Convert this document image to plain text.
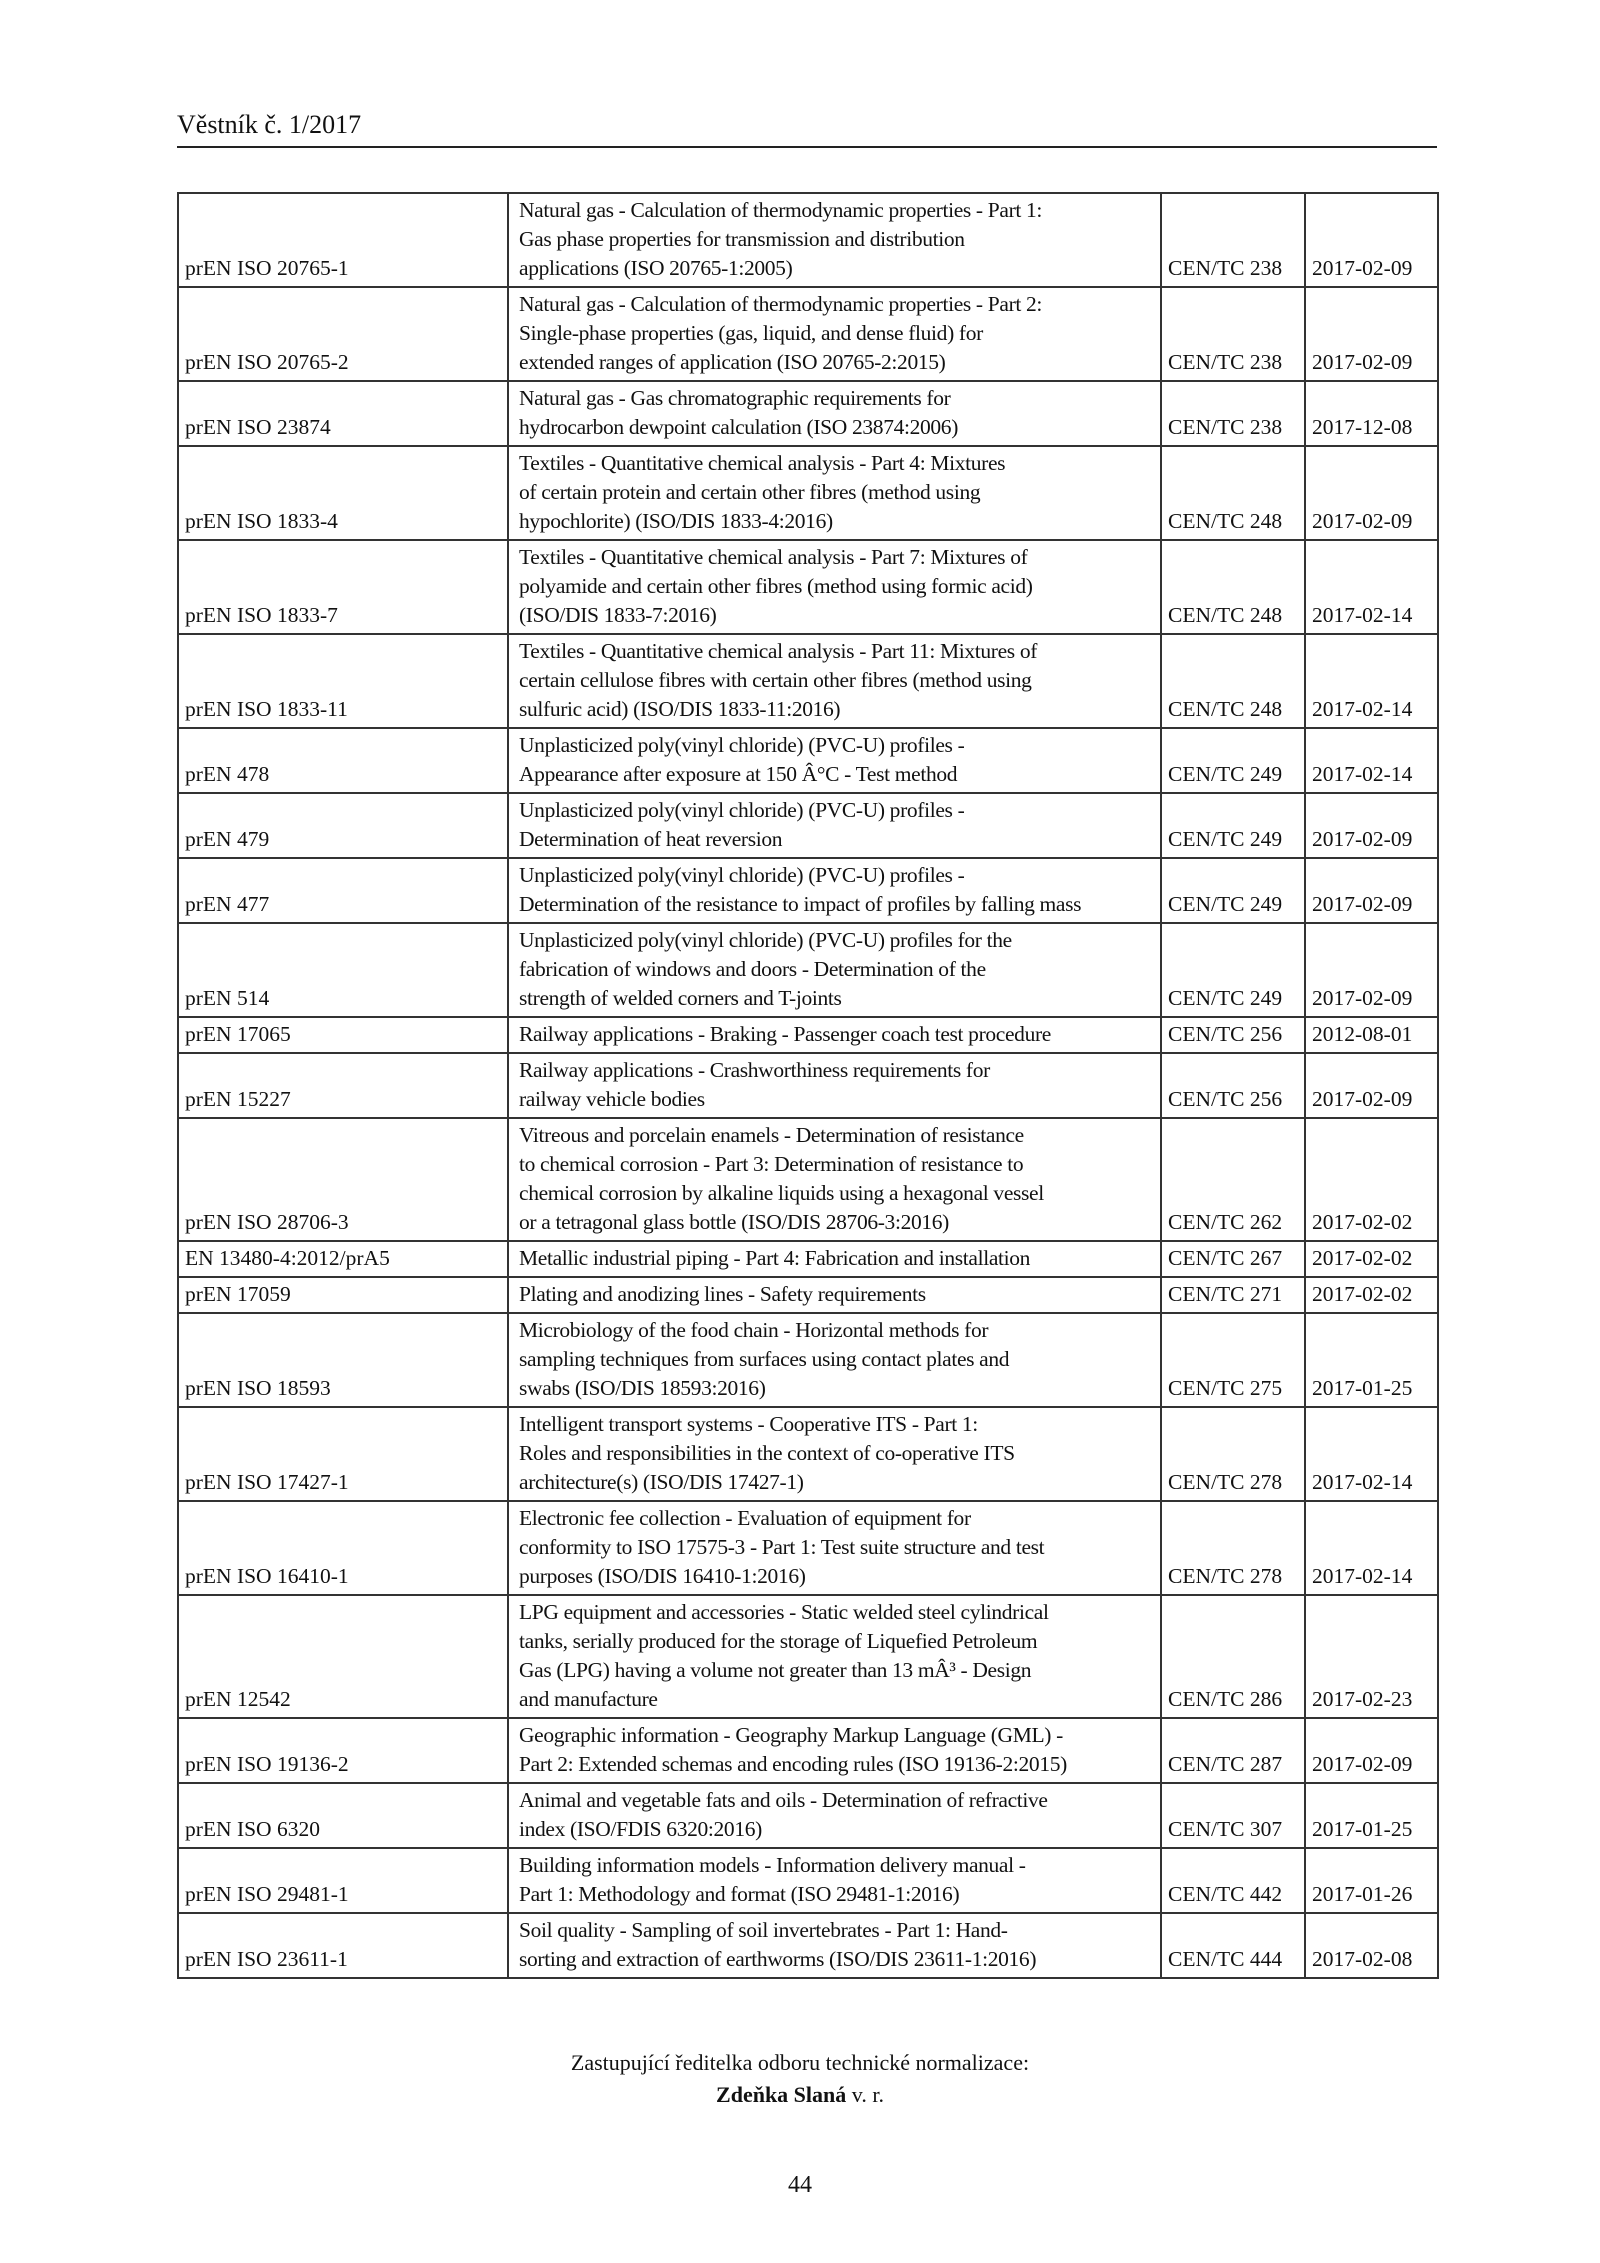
Věstník č. 1/2017
prEN ISO 20765-1	Natural gas - Calculation of thermodynamic properties - Part 1:
Gas phase properties for transmission and distribution
applications (ISO 20765-1:2005)	CEN/TC 238	2017-02-09
prEN ISO 20765-2	Natural gas - Calculation of thermodynamic properties - Part 2:
Single-phase properties (gas, liquid, and dense fluid) for
extended ranges of application (ISO 20765-2:2015)	CEN/TC 238	2017-02-09
prEN ISO 23874	Natural gas - Gas chromatographic requirements for
hydrocarbon dewpoint calculation (ISO 23874:2006)	CEN/TC 238	2017-12-08
prEN ISO 1833-4	Textiles - Quantitative chemical analysis - Part 4: Mixtures
of certain protein and certain other fibres (method using
hypochlorite) (ISO/DIS 1833-4:2016)	CEN/TC 248	2017-02-09
prEN ISO 1833-7	Textiles - Quantitative chemical analysis - Part 7: Mixtures of
polyamide and certain other fibres (method using formic acid)
(ISO/DIS 1833-7:2016)	CEN/TC 248	2017-02-14
prEN ISO 1833-11	Textiles - Quantitative chemical analysis - Part 11: Mixtures of
certain cellulose fibres with certain other fibres (method using
sulfuric acid) (ISO/DIS 1833-11:2016)	CEN/TC 248	2017-02-14
prEN 478	Unplasticized poly(vinyl chloride) (PVC-U) profiles -
Appearance after exposure at 150 Â°C - Test method	CEN/TC 249	2017-02-14
prEN 479	Unplasticized poly(vinyl chloride) (PVC-U) profiles -
Determination of heat reversion	CEN/TC 249	2017-02-09
prEN 477	Unplasticized poly(vinyl chloride) (PVC-U) profiles -
Determination of the resistance to impact of profiles by falling mass	CEN/TC 249	2017-02-09
prEN 514	Unplasticized poly(vinyl chloride) (PVC-U) profiles for the
fabrication of windows and doors - Determination of the
strength of welded corners and T-joints	CEN/TC 249	2017-02-09
prEN 17065	Railway applications - Braking - Passenger coach test procedure	CEN/TC 256	2012-08-01
prEN 15227	Railway applications - Crashworthiness requirements for
railway vehicle bodies	CEN/TC 256	2017-02-09
prEN ISO 28706-3	Vitreous and porcelain enamels - Determination of resistance
to chemical corrosion - Part 3: Determination of resistance to
chemical corrosion by alkaline liquids using a hexagonal vessel
or a tetragonal glass bottle (ISO/DIS 28706-3:2016)	CEN/TC 262	2017-02-02
EN 13480-4:2012/prA5	Metallic industrial piping - Part 4: Fabrication and installation	CEN/TC 267	2017-02-02
prEN 17059	Plating and anodizing lines - Safety requirements	CEN/TC 271	2017-02-02
prEN ISO 18593	Microbiology of the food chain - Horizontal methods for
sampling techniques from surfaces using contact plates and
swabs (ISO/DIS 18593:2016)	CEN/TC 275	2017-01-25
prEN ISO 17427-1	Intelligent transport systems - Cooperative ITS - Part 1:
Roles and responsibilities in the context of co-operative ITS
architecture(s) (ISO/DIS 17427-1)	CEN/TC 278	2017-02-14
prEN ISO 16410-1	Electronic fee collection - Evaluation of equipment for
conformity to ISO 17575-3 - Part 1: Test suite structure and test
purposes (ISO/DIS 16410-1:2016)	CEN/TC 278	2017-02-14
prEN 12542	LPG equipment and accessories - Static welded steel cylindrical
tanks, serially produced for the storage of Liquefied Petroleum
Gas (LPG) having a volume not greater than 13 mÂ³ - Design
and manufacture	CEN/TC 286	2017-02-23
prEN ISO 19136-2	Geographic information - Geography Markup Language (GML) -
Part 2: Extended schemas and encoding rules (ISO 19136-2:2015)	CEN/TC 287	2017-02-09
prEN ISO 6320	Animal and vegetable fats and oils - Determination of refractive
index (ISO/FDIS 6320:2016)	CEN/TC 307	2017-01-25
prEN ISO 29481-1	Building information models - Information delivery manual -
Part 1: Methodology and format (ISO 29481-1:2016)	CEN/TC 442	2017-01-26
prEN ISO 23611-1	Soil quality - Sampling of soil invertebrates - Part 1: Hand-
sorting and extraction of earthworms (ISO/DIS 23611-1:2016)	CEN/TC 444	2017-02-08
Zastupující ředitelka odboru technické normalizace:
Zdeňka Slaná v. r.
44
